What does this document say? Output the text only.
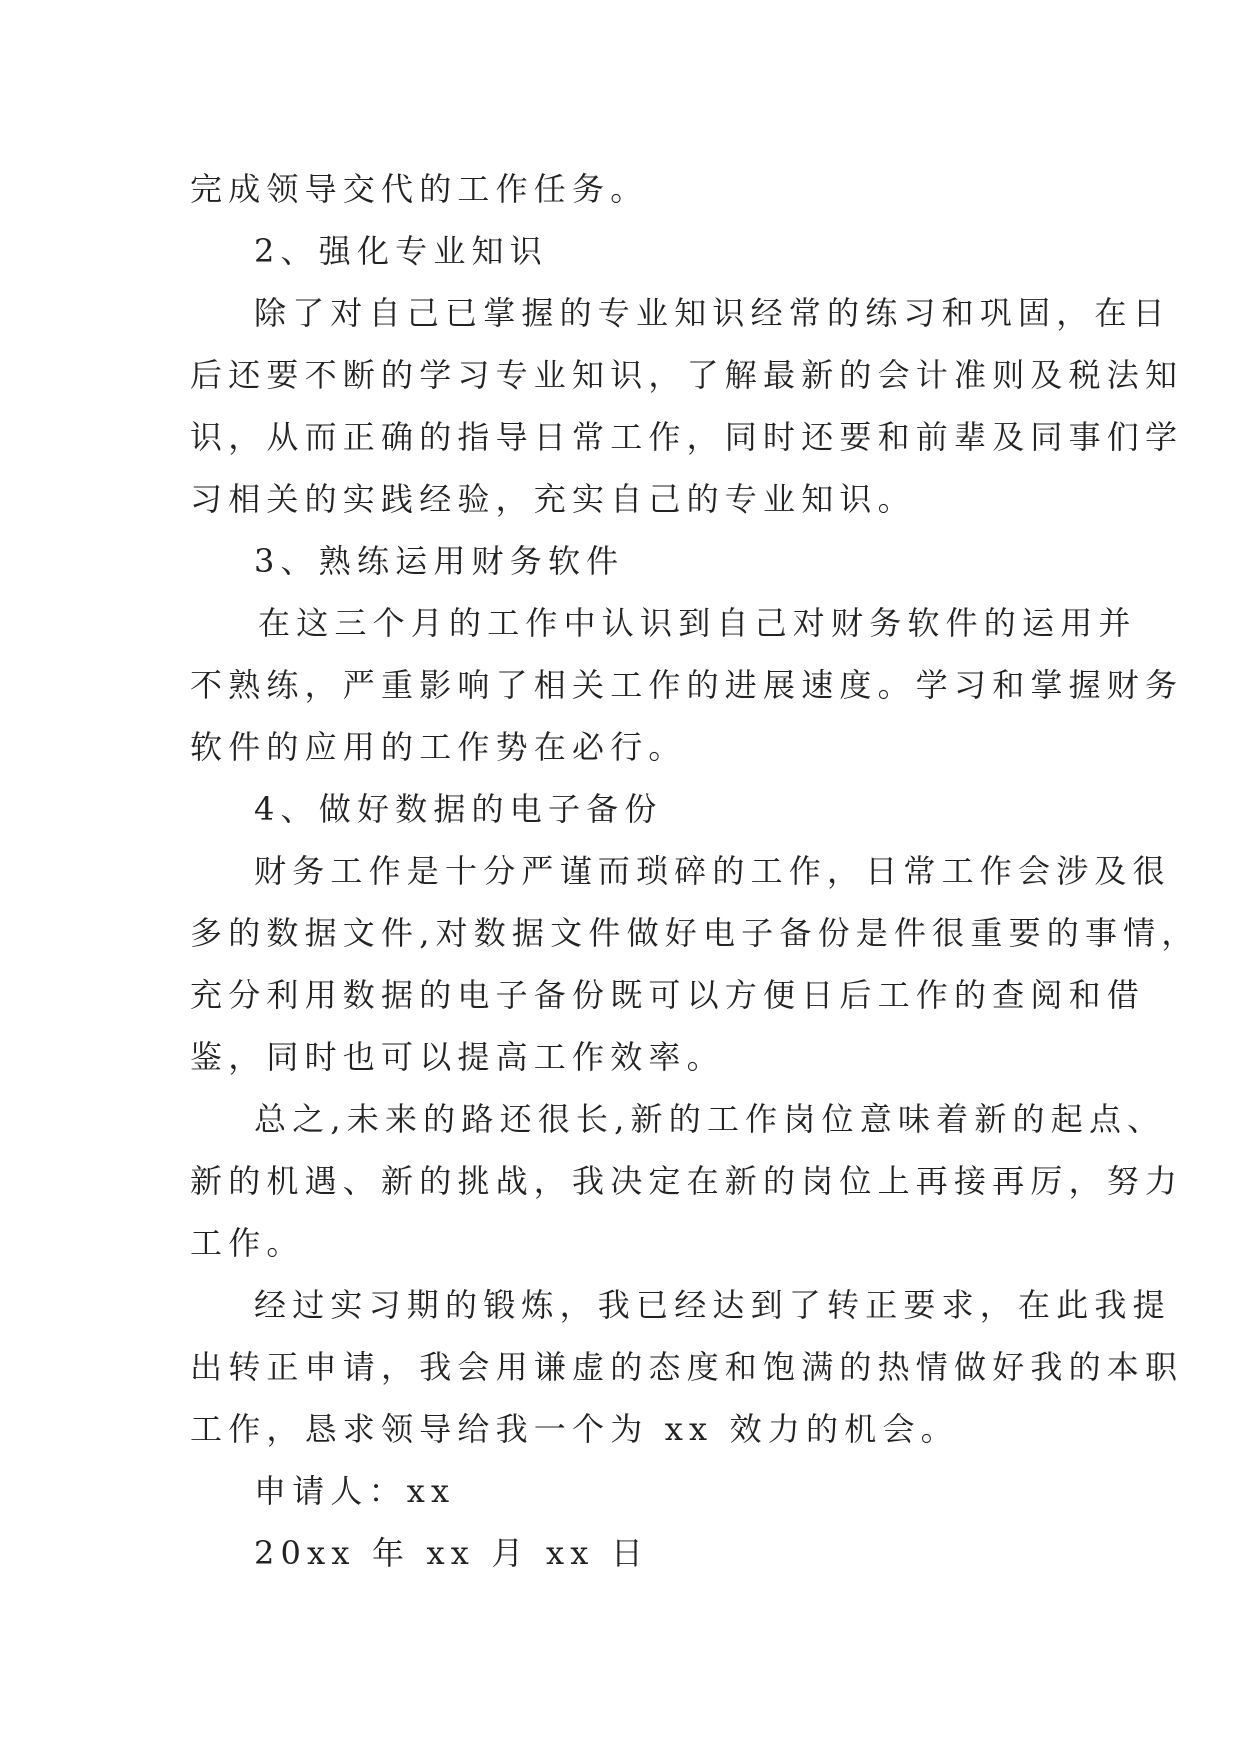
完成领导交代的工作任务。

2、强化专业知识

除了对自己已掌握的专业知识经常的练习和巩固，在日

后还要不断的学习专业知识，了解最新的会计准则及税法知

识，从而正确的指导日常工作，同时还要和前辈及同事们学

习相关的实践经验，充实自己的专业知识。

3、熟练运用财务软件

在这三个月的工作中认识到自己对财务软件的运用并

不熟练，严重影响了相关工作的进展速度。学习和掌握财务

软件的应用的工作势在必行。

4、做好数据的电子备份

财务工作是十分严谨而琐碎的工作，日常工作会涉及很

多的数据文件,对数据文件做好电子备份是件很重要的事情，

充分利用数据的电子备份既可以方便日后工作的查阅和借

鉴，同时也可以提高工作效率。

总之,未来的路还很长,新的工作岗位意味着新的起点、

新的机遇、新的挑战，我决定在新的岗位上再接再厉，努力

工作。

经过实习期的锻炼，我已经达到了转正要求，在此我提

出转正申请，我会用谦虚的态度和饱满的热情做好我的本职

工作，恳求领导给我一个为 xx 效力的机会。

申请人：xx

20xx 年 xx 月 xx 日
